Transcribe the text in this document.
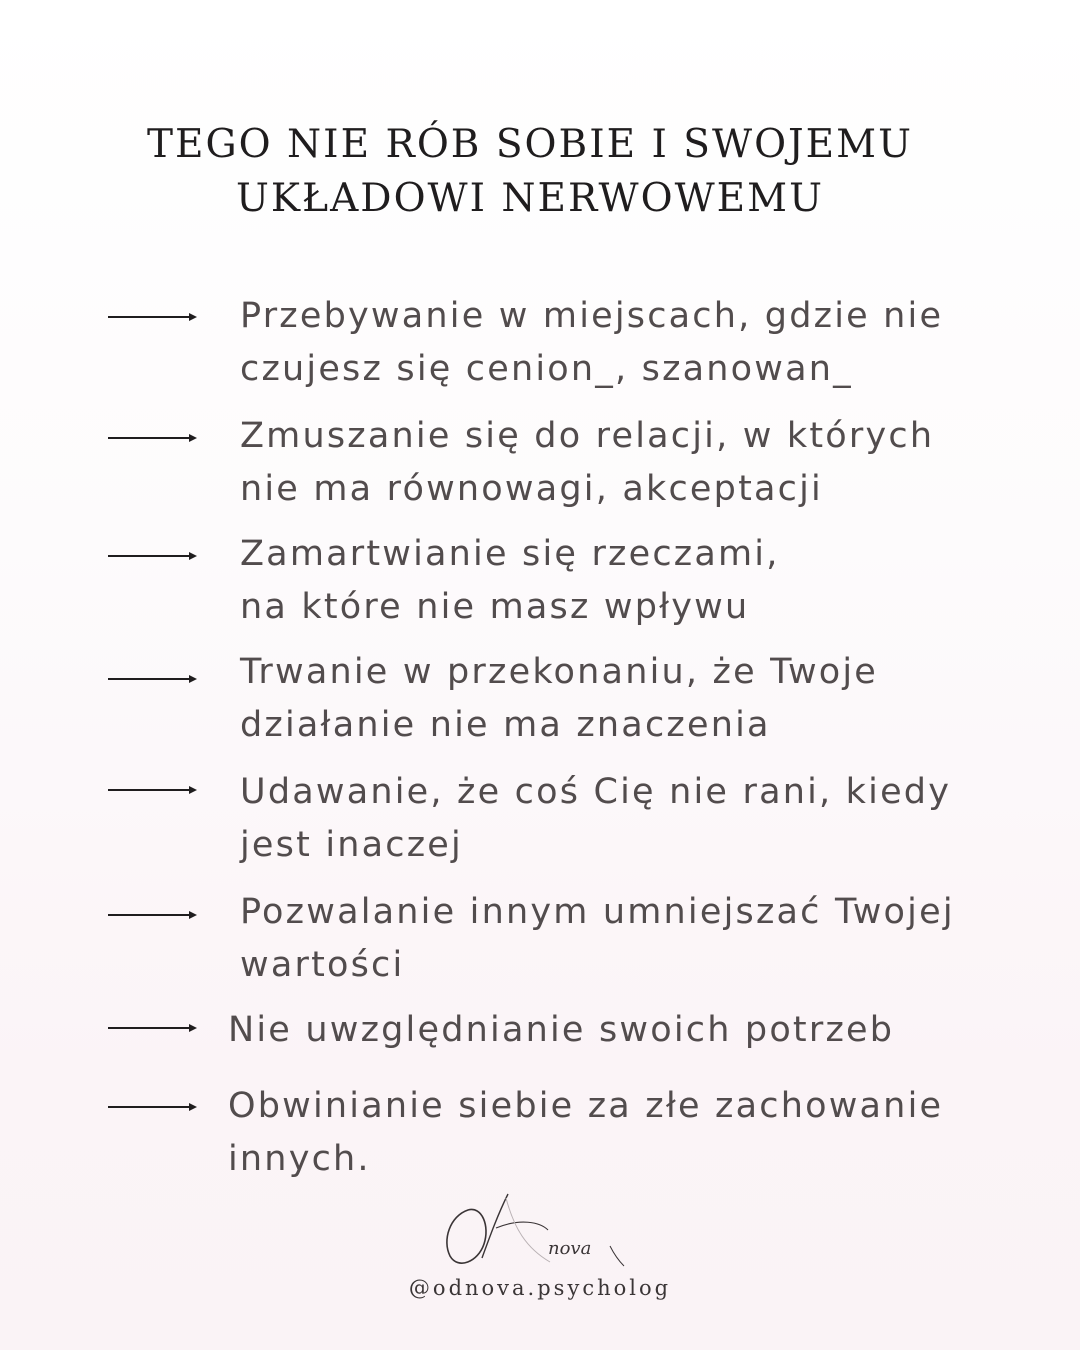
TEGO NIE RÓB SOBIE I SWOJEMU
UKŁADOWI NERWOWEMU
Przebywanie w miejscach, gdzie nie
czujesz się cenion_, szanowan_
Zmuszanie się do relacji, w których
nie ma równowagi, akceptacji
Zamartwianie się rzeczami,
na które nie masz wpływu
Trwanie w przekonaniu, że Twoje
działanie nie ma znaczenia
Udawanie, że coś Cię nie rani, kiedy
jest inaczej
Pozwalanie innym umniejszać Twojej
wartości
Nie uwzględnianie swoich potrzeb
Obwinianie siebie za złe zachowanie
innych.
nova
@odnova.psycholog
